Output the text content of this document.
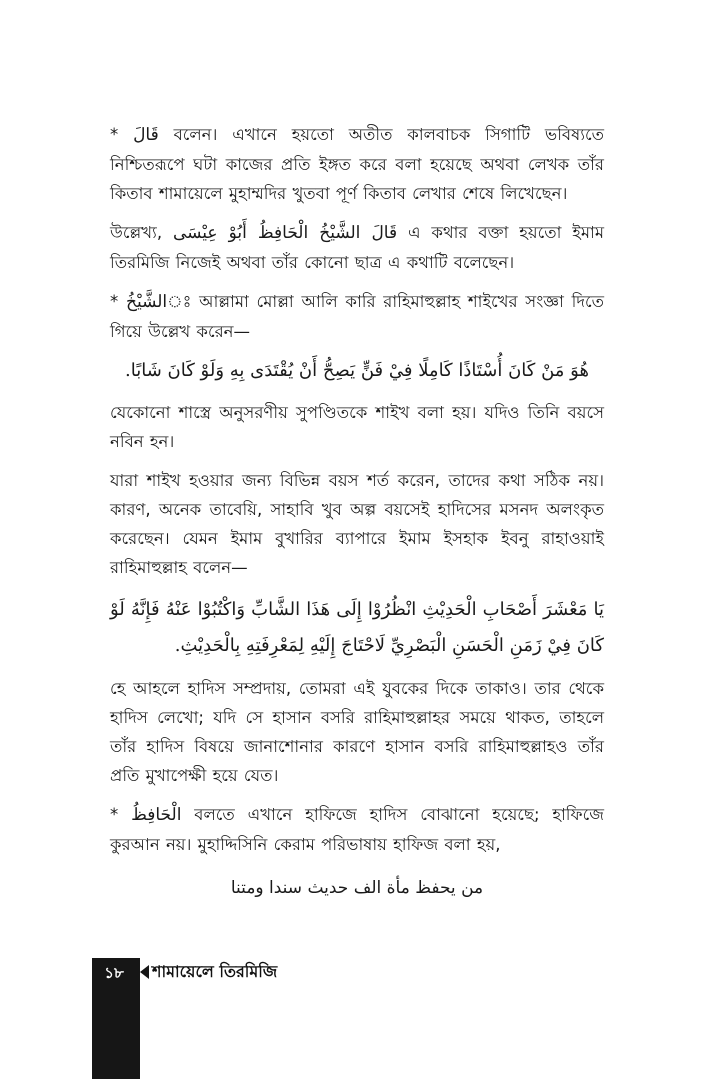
* قَالَ বলেন। এখানে হয়তো অতীত কালবাচক সিগাটি ভবিষ্যতে নিশ্চিতরূপে ঘটা কাজের প্রতি ইঙ্গত করে বলা হয়েছে অথবা লেখক তাঁর কিতাব শামায়েলে মুহাম্মদির খুতবা পূর্ণ কিতাব লেখার শেষে লিখেছেন।

উল্লেখ্য, قَالَ الشَّيْخُ الْحَافِظُ أَبُوْ عِيْسَى এ কথার বক্তা হয়তো ইমাম তিরমিজি নিজেই অথবা তাঁর কোনো ছাত্র এ কথাটি বলেছেন।

* الشَّيْخُঃ আল্লামা মোল্লা আলি কারি রাহিমাহুল্লাহ শাইখের সংজ্ঞা দিতে গিয়ে উল্লেখ করেন—

هُوَ مَنْ كَانَ أُسْتَاذًا كَامِلًا فِيْ فَنٍّ يَصِحُّ أَنْ يُقْتَدَى بِهِ وَلَوْ كَانَ شَابًا.

যেকোনো শাস্ত্রে অনুসরণীয় সুপণ্ডিতকে শাইখ বলা হয়। যদিও তিনি বয়সে নবিন হন।

যারা শাইখ হওয়ার জন্য বিভিন্ন বয়স শর্ত করেন, তাদের কথা সঠিক নয়। কারণ, অনেক তাবেয়ি, সাহাবি খুব অল্প বয়সেই হাদিসের মসনদ অলংকৃত করেছেন। যেমন ইমাম বুখারির ব্যাপারে ইমাম ইসহাক ইবনু রাহাওয়াই রাহিমাহুল্লাহ বলেন—

يَا مَعْشَرَ أَصْحَابِ الْحَدِيْثِ انْظُرُوْا إِلَى هَذَا الشَّابِّ وَاكْتُبُوْا عَنْهُ فَإِنَّهُ لَوْ كَانَ فِيْ زَمَنِ الْحَسَنِ الْبَصْرِيِّ لَاحْتَاجَ إِلَيْهِ لِمَعْرِفَتِهِ بِالْحَدِيْثِ.

হে আহলে হাদিস সম্প্রদায়, তোমরা এই যুবকের দিকে তাকাও। তার থেকে হাদিস লেখো; যদি সে হাসান বসরি রাহিমাহুল্লাহর সময়ে থাকত, তাহলে তাঁর হাদিস বিষয়ে জানাশোনার কারণে হাসান বসরি রাহিমাহুল্লাহও তাঁর প্রতি মুখাপেক্ষী হয়ে যেত।

* الْحَافِظُ বলতে এখানে হাফিজে হাদিস বোঝানো হয়েছে; হাফিজে কুরআন নয়। মুহাদ্দিসিনি কেরাম পরিভাষায় হাফিজ বলা হয়,

من يحفظ مأة الف حديث سندا ومتنا

১৮	শামায়েলে তিরমিজি
